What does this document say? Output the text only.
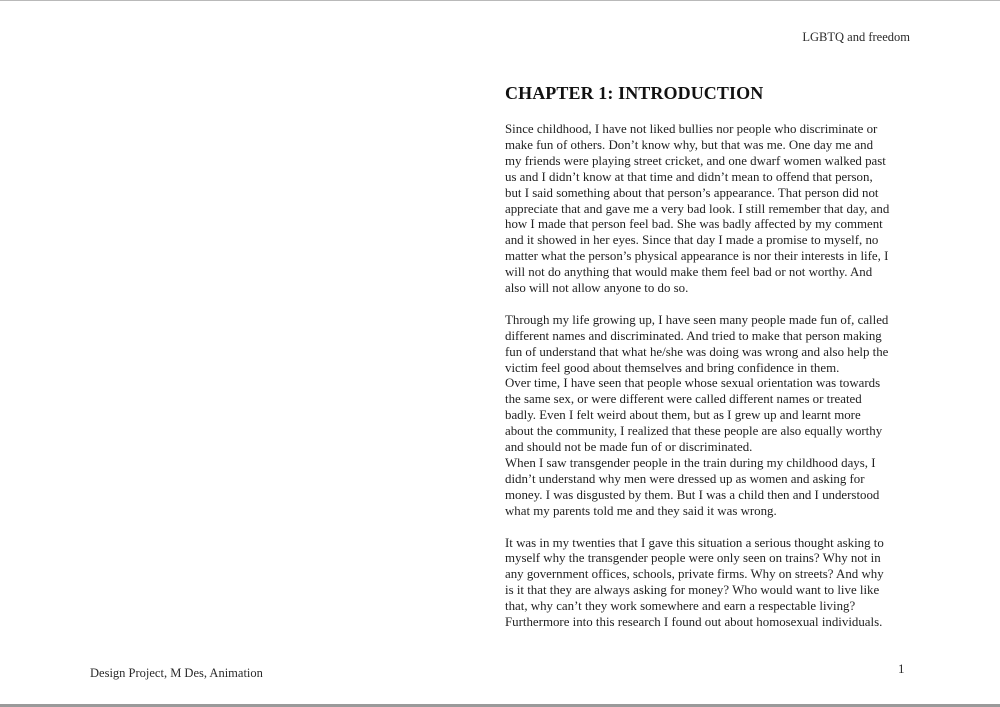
LGBTQ and freedom
CHAPTER 1: INTRODUCTION
Since childhood, I have not liked bullies nor people who discriminate or
make fun of others. Don’t know why, but that was me. One day me and
my friends were playing street cricket, and one dwarf women walked past
us and I didn’t know at that time and didn’t mean to offend that person,
but I said something about that person’s appearance. That person did not
appreciate that and gave me a very bad look. I still remember that day, and
how I made that person feel bad. She was badly affected by my comment
and it showed in her eyes. Since that day I made a promise to myself, no
matter what the person’s physical appearance is nor their interests in life, I
will not do anything that would make them feel bad or not worthy. And
also will not allow anyone to do so.
Through my life growing up, I have seen many people made fun of, called
different names and discriminated. And tried to make that person making
fun of understand that what he/she was doing was wrong and also help the
victim feel good about themselves and bring confidence in them.
Over time, I have seen that people whose sexual orientation was towards
the same sex, or were different were called different names or treated
badly. Even I felt weird about them, but as I grew up and learnt more
about the community, I realized that these people are also equally worthy
and should not be made fun of or discriminated.
When I saw transgender people in the train during my childhood days, I
didn’t understand why men were dressed up as women and asking for
money. I was disgusted by them. But I was a child then and I understood
what my parents told me and they said it was wrong.
It was in my twenties that I gave this situation a serious thought asking to
myself why the transgender people were only seen on trains? Why not in
any government offices, schools, private firms. Why on streets? And why
is it that they are always asking for money? Who would want to live like
that, why can’t they work somewhere and earn a respectable living?
Furthermore into this research I found out about homosexual individuals.
Design Project, M Des, Animation	1
